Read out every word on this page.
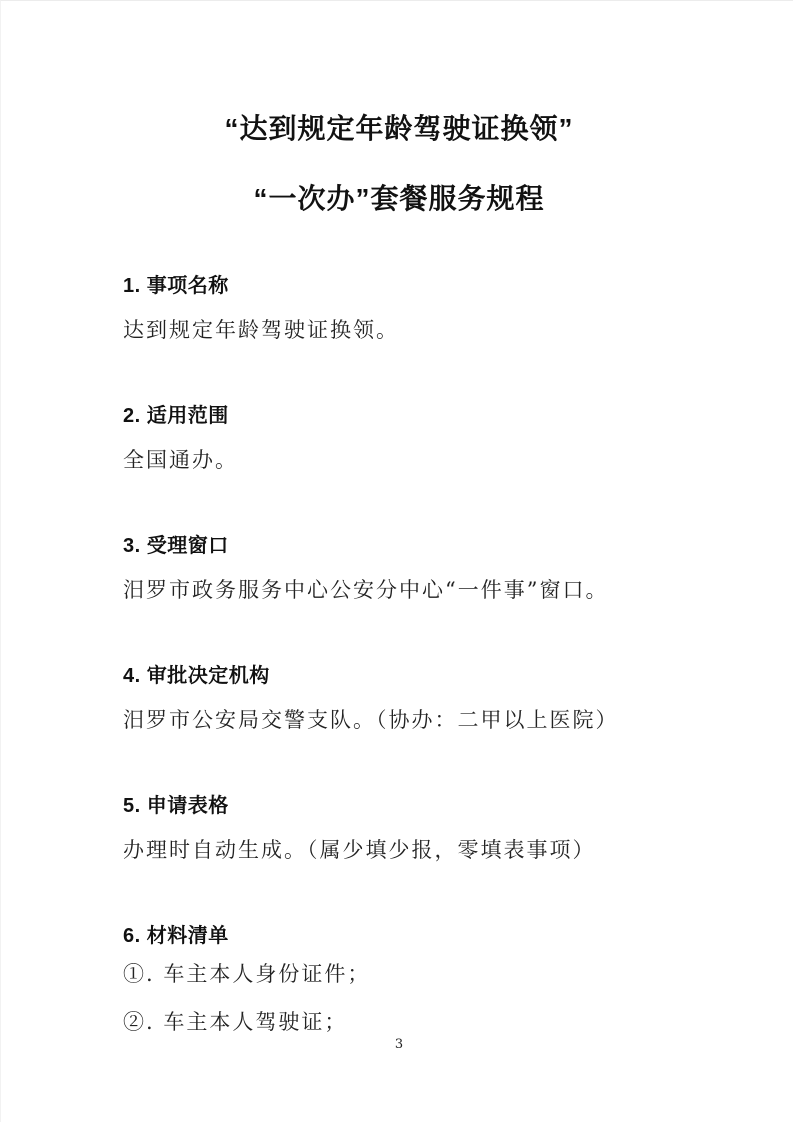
“达到规定年龄驾驶证换领”
“一次办”套餐服务规程
1. 事项名称
达到规定年龄驾驶证换领。
2. 适用范围
全国通办。
3. 受理窗口
汨罗市政务服务中心公安分中心“一件事”窗口。
4. 审批决定机构
汨罗市公安局交警支队。（协办：二甲以上医院）
5. 申请表格
办理时自动生成。（属少填少报，零填表事项）
6. 材料清单
①. 车主本人身份证件；
②. 车主本人驾驶证；
3
